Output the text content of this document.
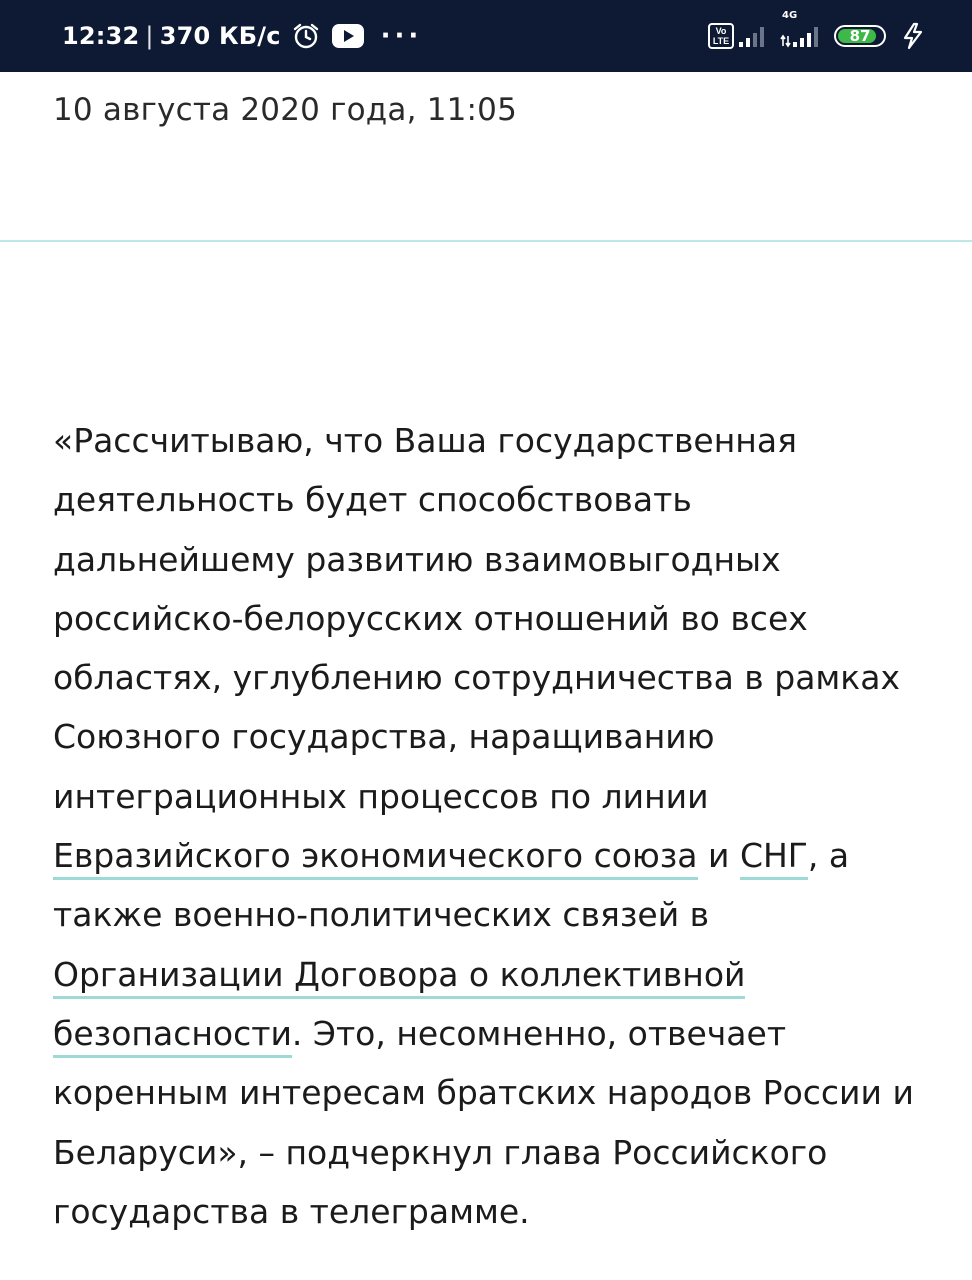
12:32 | 370 КБ/с	···	Vo
LTE
4G
87
10 августа 2020 года, 11:05

«Рассчитываю, что Ваша государственная деятельность будет способствовать дальнейшему развитию взаимовыгодных российско-белорусских отношений во всех областях, углублению сотрудничества в рамках Союзного государства, наращиванию интеграционных процессов по линии Евразийского экономического союза и СНГ, а также военно-политических связей в Организации Договора о коллективной безопасности. Это, несомненно, отвечает коренным интересам братских народов России и Беларуси», – подчеркнул глава Российского государства в телеграмме.
